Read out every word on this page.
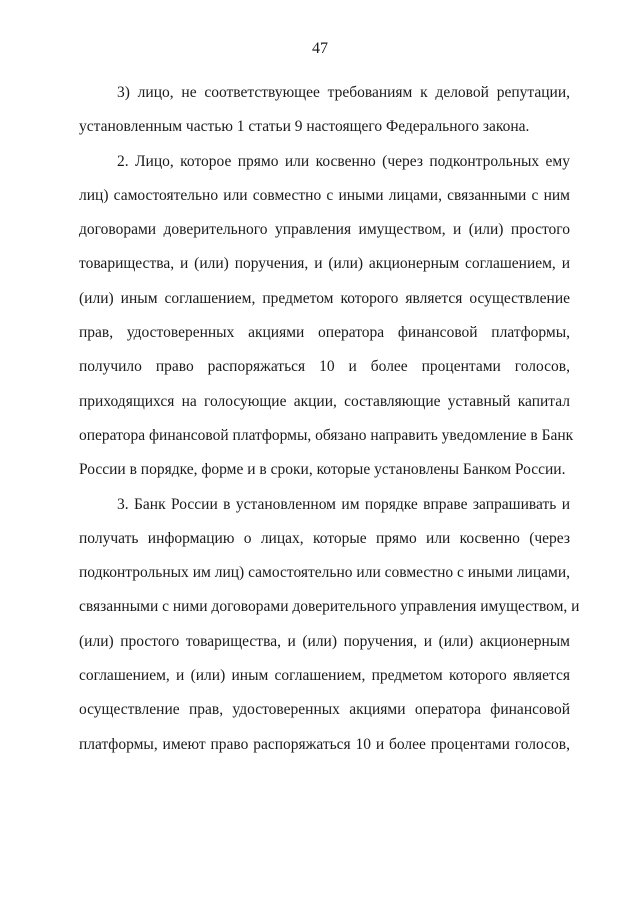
47
3) лицо, не соответствующее требованиям к деловой репутации,
установленным частью 1 статьи 9 настоящего Федерального закона.
2. Лицо, которое прямо или косвенно (через подконтрольных ему
лиц) самостоятельно или совместно с иными лицами, связанными с ним
договорами доверительного управления имуществом, и (или) простого
товарищества, и (или) поручения, и (или) акционерным соглашением, и
(или) иным соглашением, предметом которого является осуществление
прав, удостоверенных акциями оператора финансовой платформы,
получило право распоряжаться 10 и более процентами голосов,
приходящихся на голосующие акции, составляющие уставный капитал
оператора финансовой платформы, обязано направить уведомление в Банк
России в порядке, форме и в сроки, которые установлены Банком России.
3. Банк России в установленном им порядке вправе запрашивать и
получать информацию о лицах, которые прямо или косвенно (через
подконтрольных им лиц) самостоятельно или совместно с иными лицами,
связанными с ними договорами доверительного управления имуществом, и
(или) простого товарищества, и (или) поручения, и (или) акционерным
соглашением, и (или) иным соглашением, предметом которого является
осуществление прав, удостоверенных акциями оператора финансовой
платформы, имеют право распоряжаться 10 и более процентами голосов,
